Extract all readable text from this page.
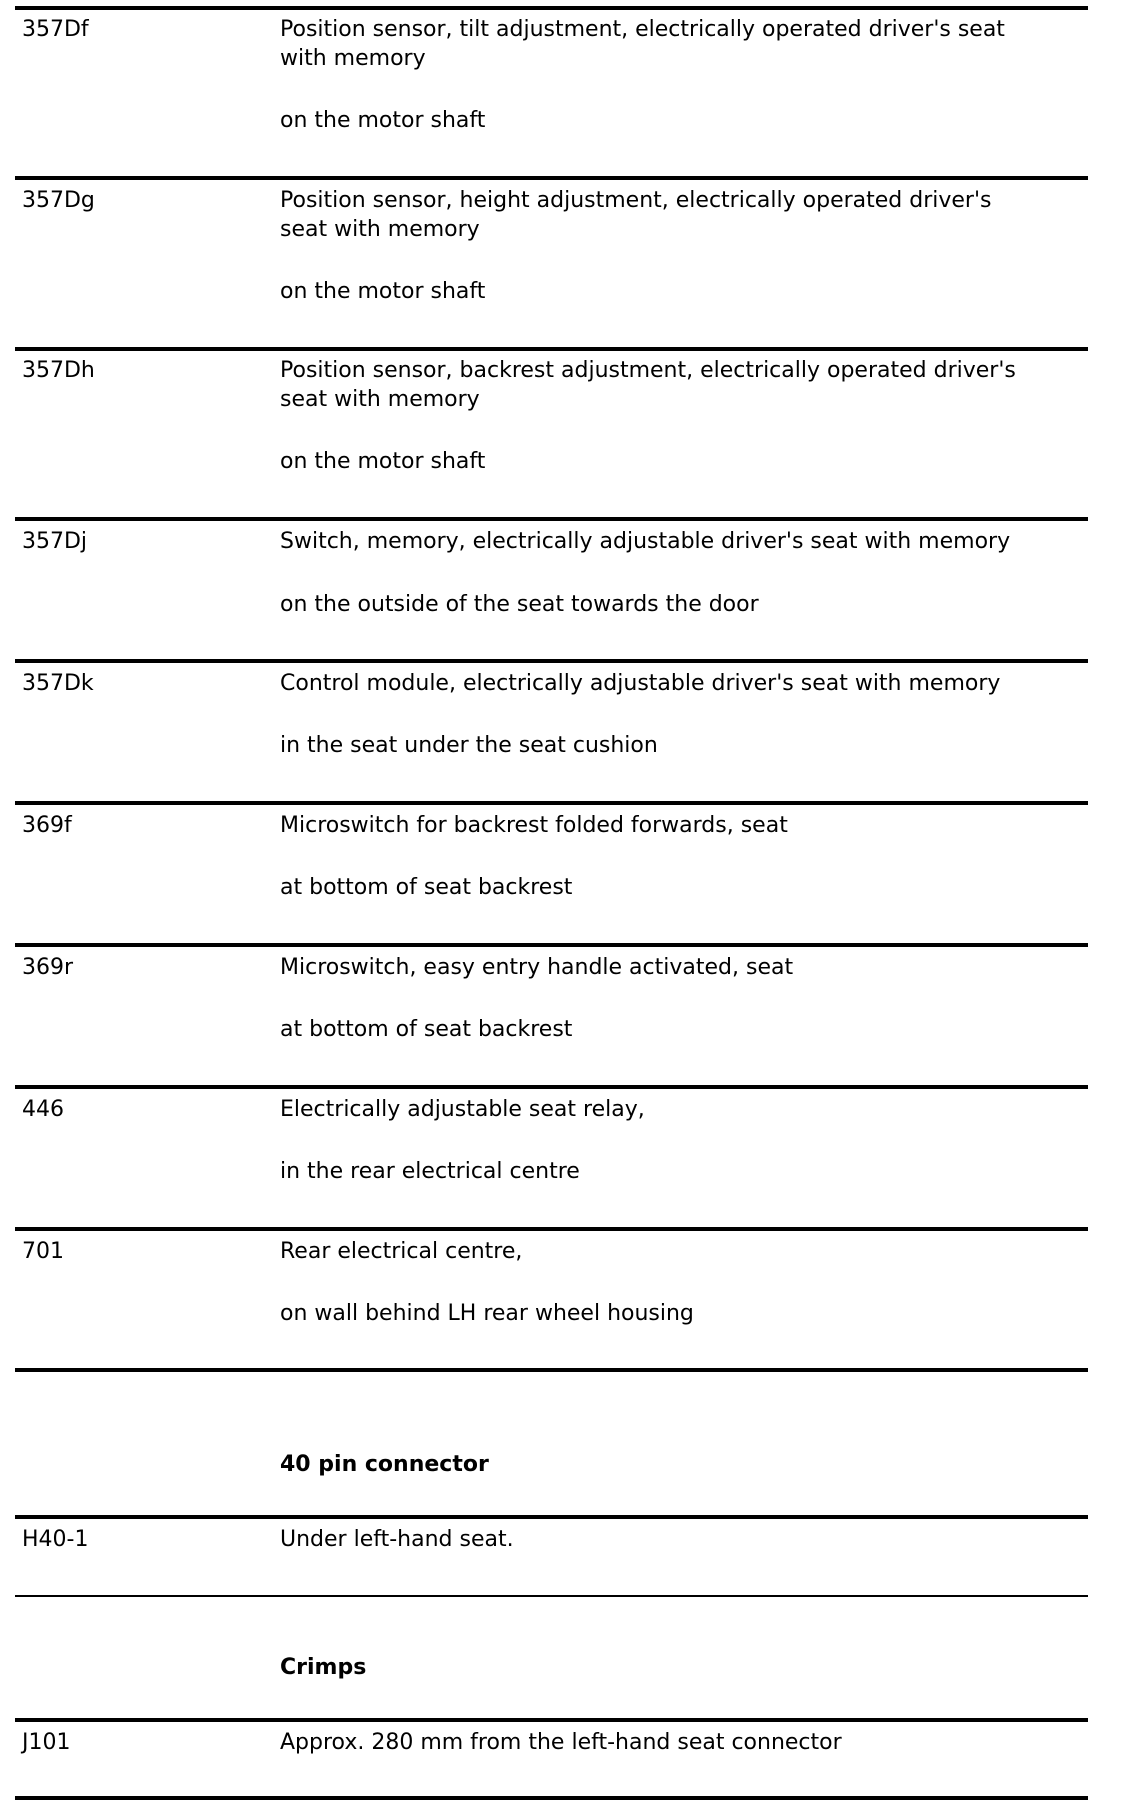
357Df	Position sensor, tilt adjustment, electrically operated driver's seat
with memory
on the motor shaft
357Dg	Position sensor, height adjustment, electrically operated driver's
seat with memory
on the motor shaft
357Dh	Position sensor, backrest adjustment, electrically operated driver's
seat with memory
on the motor shaft
357Dj	Switch, memory, electrically adjustable driver's seat with memory
on the outside of the seat towards the door
357Dk	Control module, electrically adjustable driver's seat with memory
in the seat under the seat cushion
369f	Microswitch for backrest folded forwards, seat
at bottom of seat backrest
369r	Microswitch, easy entry handle activated, seat
at bottom of seat backrest
446	Electrically adjustable seat relay,
in the rear electrical centre
701	Rear electrical centre,
on wall behind LH rear wheel housing
40 pin connector
H40-1	Under left-hand seat.
Crimps
J101	Approx. 280 mm from the left-hand seat connector
